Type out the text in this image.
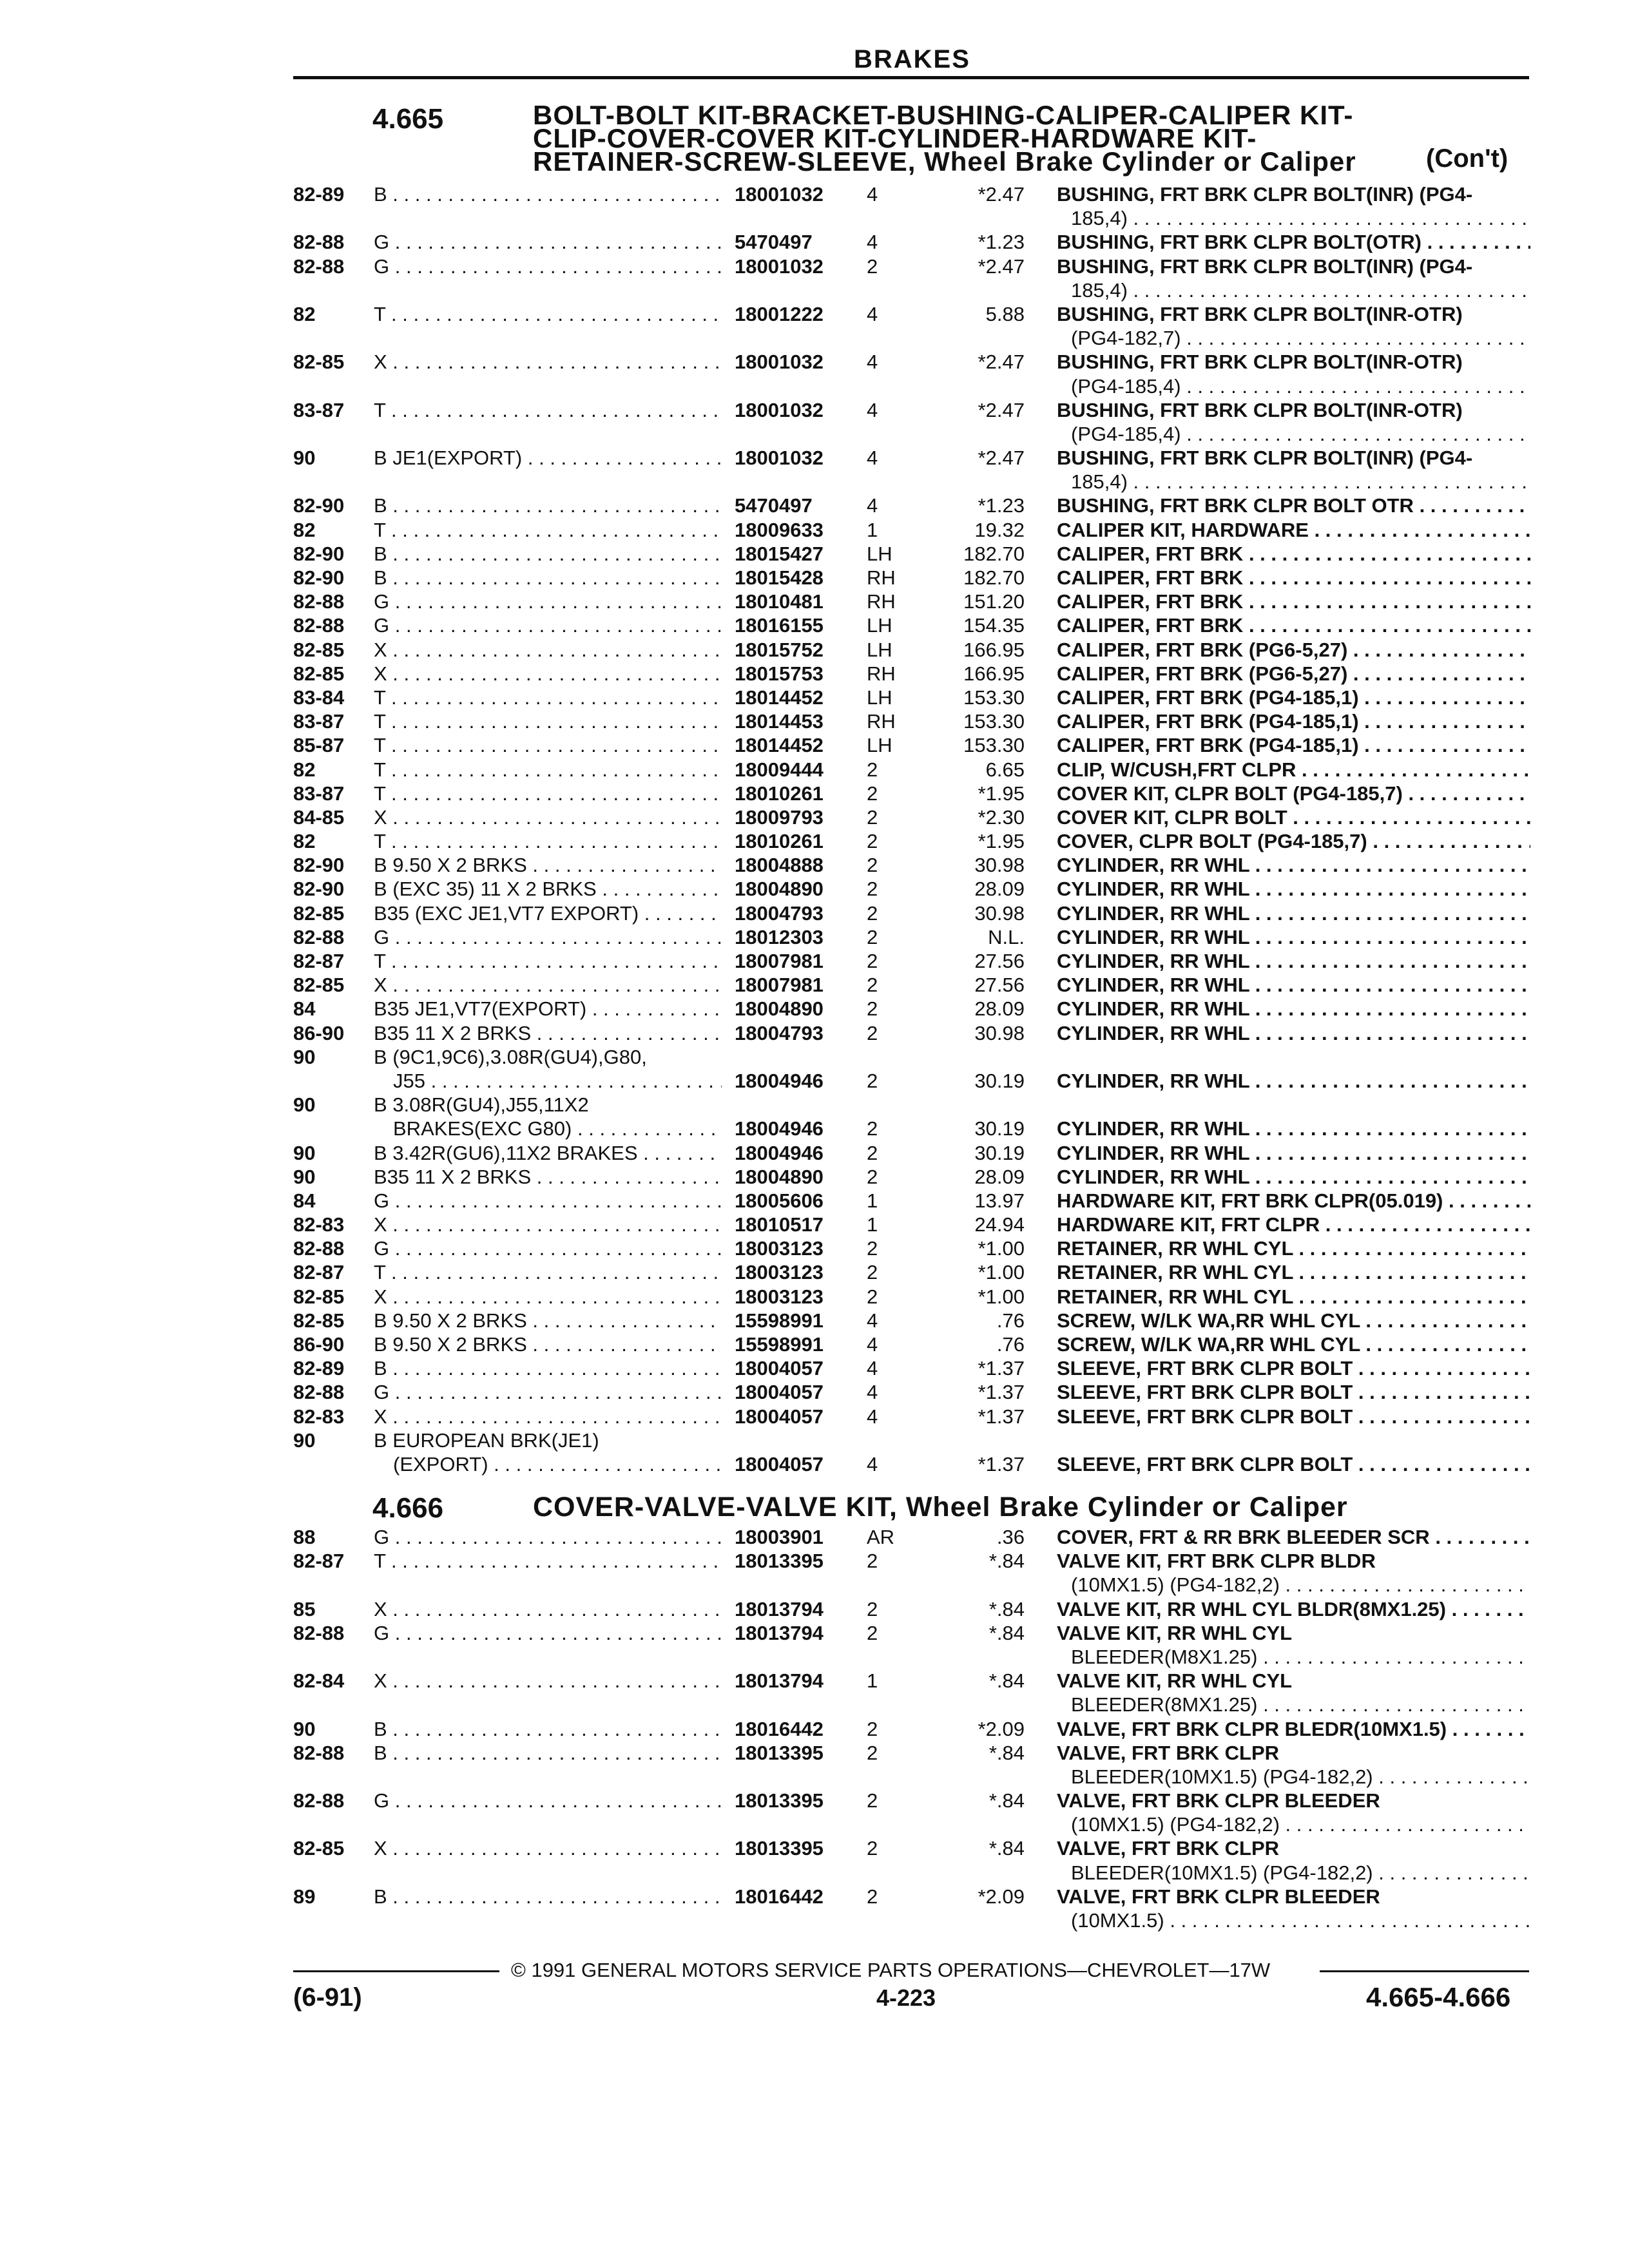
BRAKES
4.665	BOLT-BOLT KIT-BRACKET-BUSHING-CALIPER-CALIPER KIT-
CLIP-COVER-COVER KIT-CYLINDER-HARDWARE KIT-
RETAINER-SCREW-SLEEVE, Wheel Brake Cylinder or Caliper	(Con't)
82-89	B . . .	18001032	4	*2.47 BUSHING, FRT BRK CLPR BOLT(INR) (PG4-
185,4) . . .
82-88	G . . .	5470497	4	*1.23 BUSHING, FRT BRK CLPR BOLT(OTR) . . .
82-88	G . . .	18001032	2	*2.47 BUSHING, FRT BRK CLPR BOLT(INR) (PG4-
185,4) . . .
82	T . . .	18001222	4	5.88 BUSHING, FRT BRK CLPR BOLT(INR-OTR)
(PG4-182,7) . . .
82-85	X . . .	18001032	4	*2.47 BUSHING, FRT BRK CLPR BOLT(INR-OTR)
(PG4-185,4) . . .
83-87	T . . .	18001032	4	*2.47 BUSHING, FRT BRK CLPR BOLT(INR-OTR)
(PG4-185,4) . . .
90	B JE1(EXPORT) . . .	18001032	4	*2.47 BUSHING, FRT BRK CLPR BOLT(INR) (PG4-
185,4) . . .
82-90	B . . .	5470497	4	*1.23 BUSHING, FRT BRK CLPR BOLT OTR . . .
82	T . . .	18009633	1	19.32 CALIPER KIT, HARDWARE . . .
82-90	B . . .	18015427	LH	182.70 CALIPER, FRT BRK . . .
82-90	B . . .	18015428	RH	182.70 CALIPER, FRT BRK . . .
82-88	G . . .	18010481	RH	151.20 CALIPER, FRT BRK . . .
82-88	G . . .	18016155	LH	154.35 CALIPER, FRT BRK . . .
82-85	X . . .	18015752	LH	166.95 CALIPER, FRT BRK (PG6-5,27) . . .
82-85	X . . .	18015753	RH	166.95 CALIPER, FRT BRK (PG6-5,27) . . .
83-84	T . . .	18014452	LH	153.30 CALIPER, FRT BRK (PG4-185,1) . . .
83-87	T . . .	18014453	RH	153.30 CALIPER, FRT BRK (PG4-185,1) . . .
85-87	T . . .	18014452	LH	153.30 CALIPER, FRT BRK (PG4-185,1) . . .
82	T . . .	18009444	2	6.65 CLIP, W/CUSH,FRT CLPR . . .
83-87	T . . .	18010261	2	*1.95 COVER KIT, CLPR BOLT (PG4-185,7) . . .
84-85	X . . .	18009793	2	*2.30 COVER KIT, CLPR BOLT . . .
82	T . . .	18010261	2	*1.95 COVER, CLPR BOLT (PG4-185,7) . . .
82-90	B 9.50 X 2 BRKS . . .	18004888	2	30.98 CYLINDER, RR WHL . . .
82-90	B (EXC 35) 11 X 2 BRKS . . .	18004890	2	28.09 CYLINDER, RR WHL . . .
82-85	B35 (EXC JE1,VT7 EXPORT) . . .	18004793	2	30.98 CYLINDER, RR WHL . . .
82-88	G . . .	18012303	2	N.L. CYLINDER, RR WHL . . .
82-87	T . . .	18007981	2	27.56 CYLINDER, RR WHL . . .
82-85	X . . .	18007981	2	27.56 CYLINDER, RR WHL . . .
84	B35 JE1,VT7(EXPORT) . . .	18004890	2	28.09 CYLINDER, RR WHL . . .
86-90	B35 11 X 2 BRKS . . .	18004793	2	30.98 CYLINDER, RR WHL . . .
90	B (9C1,9C6),3.08R(GU4),G80,
J55 . . .	18004946	2	30.19 CYLINDER, RR WHL . . .
90	B 3.08R(GU4),J55,11X2
BRAKES(EXC G80) . . .	18004946	2	30.19 CYLINDER, RR WHL . . .
90	B 3.42R(GU6),11X2 BRAKES . . .	18004946	2	30.19 CYLINDER, RR WHL . . .
90	B35 11 X 2 BRKS . . .	18004890	2	28.09 CYLINDER, RR WHL . . .
84	G . . .	18005606	1	13.97 HARDWARE KIT, FRT BRK CLPR(05.019) . . .
82-83	X . . .	18010517	1	24.94 HARDWARE KIT, FRT CLPR . . .
82-88	G . . .	18003123	2	*1.00 RETAINER, RR WHL CYL . . .
82-87	T . . .	18003123	2	*1.00 RETAINER, RR WHL CYL . . .
82-85	X . . .	18003123	2	*1.00 RETAINER, RR WHL CYL . . .
82-85	B 9.50 X 2 BRKS . . .	15598991	4	.76 SCREW, W/LK WA,RR WHL CYL . . .
86-90	B 9.50 X 2 BRKS . . .	15598991	4	.76 SCREW, W/LK WA,RR WHL CYL . . .
82-89	B . . .	18004057	4	*1.37 SLEEVE, FRT BRK CLPR BOLT . . .
82-88	G . . .	18004057	4	*1.37 SLEEVE, FRT BRK CLPR BOLT . . .
82-83	X . . .	18004057	4	*1.37 SLEEVE, FRT BRK CLPR BOLT . . .
90	B EUROPEAN BRK(JE1)
(EXPORT) . . .	18004057	4	*1.37 SLEEVE, FRT BRK CLPR BOLT . . .
4.666	COVER-VALVE-VALVE KIT, Wheel Brake Cylinder or Caliper
88	G . . .	18003901	AR	.36 COVER, FRT & RR BRK BLEEDER SCR . . .
82-87	T . . .	18013395	2	*.84 VALVE KIT, FRT BRK CLPR BLDR
(10MX1.5) (PG4-182,2) . . .
85	X . . .	18013794	2	*.84 VALVE KIT, RR WHL CYL BLDR(8MX1.25) . . .
82-88	G . . .	18013794	2	*.84 VALVE KIT, RR WHL CYL
BLEEDER(M8X1.25) . . .
82-84	X . . .	18013794	1	*.84 VALVE KIT, RR WHL CYL
BLEEDER(8MX1.25) . . .
90	B . . .	18016442	2	*2.09 VALVE, FRT BRK CLPR BLEDR(10MX1.5) . . .
82-88	B . . .	18013395	2	*.84 VALVE, FRT BRK CLPR
BLEEDER(10MX1.5) (PG4-182,2) . . .
82-88	G . . .	18013395	2	*.84 VALVE, FRT BRK CLPR BLEEDER
(10MX1.5) (PG4-182,2) . . .
82-85	X . . .	18013395	2	*.84 VALVE, FRT BRK CLPR
BLEEDER(10MX1.5) (PG4-182,2) . . .
89	B . . .	18016442	2	*2.09 VALVE, FRT BRK CLPR BLEEDER
(10MX1.5) . . .
© 1991 GENERAL MOTORS SERVICE PARTS OPERATIONS—CHEVROLET—17W
(6-91)	4-223	4.665-4.666
